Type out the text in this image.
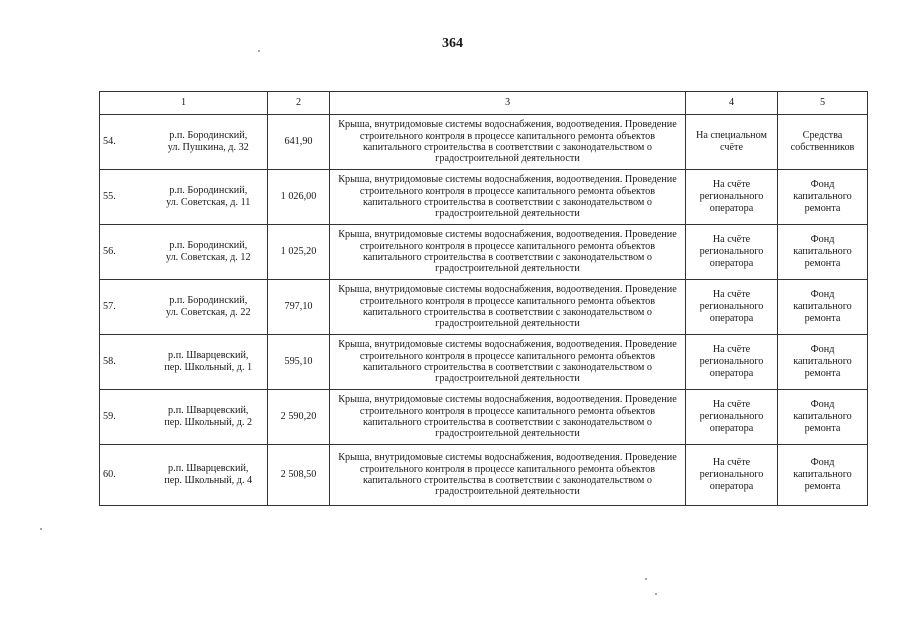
364
1		2	3	4	5
54.	р.п. Бородинский,
ул. Пушкина, д. 32	641,90	Крыша, внутридомовые системы водоснабжения, водоотведения. Проведение строительного контроля в процессе капитального ремонта объектов капитального строительства в соответствии с законодательством о градостроительной деятельности	На специальном счёте	Средства собственников
55.	р.п. Бородинский,
ул. Советская, д. 11	1 026,00	Крыша, внутридомовые системы водоснабжения, водоотведения. Проведение строительного контроля в процессе капитального ремонта объектов капитального строительства в соответствии с законодательством о градостроительной деятельности	На счёте регионального оператора	Фонд капитального ремонта
56.	р.п. Бородинский,
ул. Советская, д. 12	1 025,20	Крыша, внутридомовые системы водоснабжения, водоотведения. Проведение строительного контроля в процессе капитального ремонта объектов капитального строительства в соответствии с законодательством о градостроительной деятельности	На счёте регионального оператора	Фонд капитального ремонта
57.	р.п. Бородинский,
ул. Советская, д. 22	797,10	Крыша, внутридомовые системы водоснабжения, водоотведения. Проведение строительного контроля в процессе капитального ремонта объектов капитального строительства в соответствии с законодательством о градостроительной деятельности	На счёте регионального оператора	Фонд капитального ремонта
58.	р.п. Шварцевский,
пер. Школьный, д. 1	595,10	Крыша, внутридомовые системы водоснабжения, водоотведения. Проведение строительного контроля в процессе капитального ремонта объектов капитального строительства в соответствии с законодательством о градостроительной деятельности	На счёте регионального оператора	Фонд капитального ремонта
59.	р.п. Шварцевский,
пер. Школьный, д. 2	2 590,20	Крыша, внутридомовые системы водоснабжения, водоотведения. Проведение строительного контроля в процессе капитального ремонта объектов капитального строительства в соответствии с законодательством о градостроительной деятельности	На счёте регионального оператора	Фонд капитального ремонта
60.	р.п. Шварцевский,
пер. Школьный, д. 4	2 508,50	Крыша, внутридомовые системы водоснабжения, водоотведения. Проведение строительного контроля в процессе капитального ремонта объектов капитального строительства в соответствии с законодательством о градостроительной деятельности	На счёте регионального оператора	Фонд капитального ремонта
